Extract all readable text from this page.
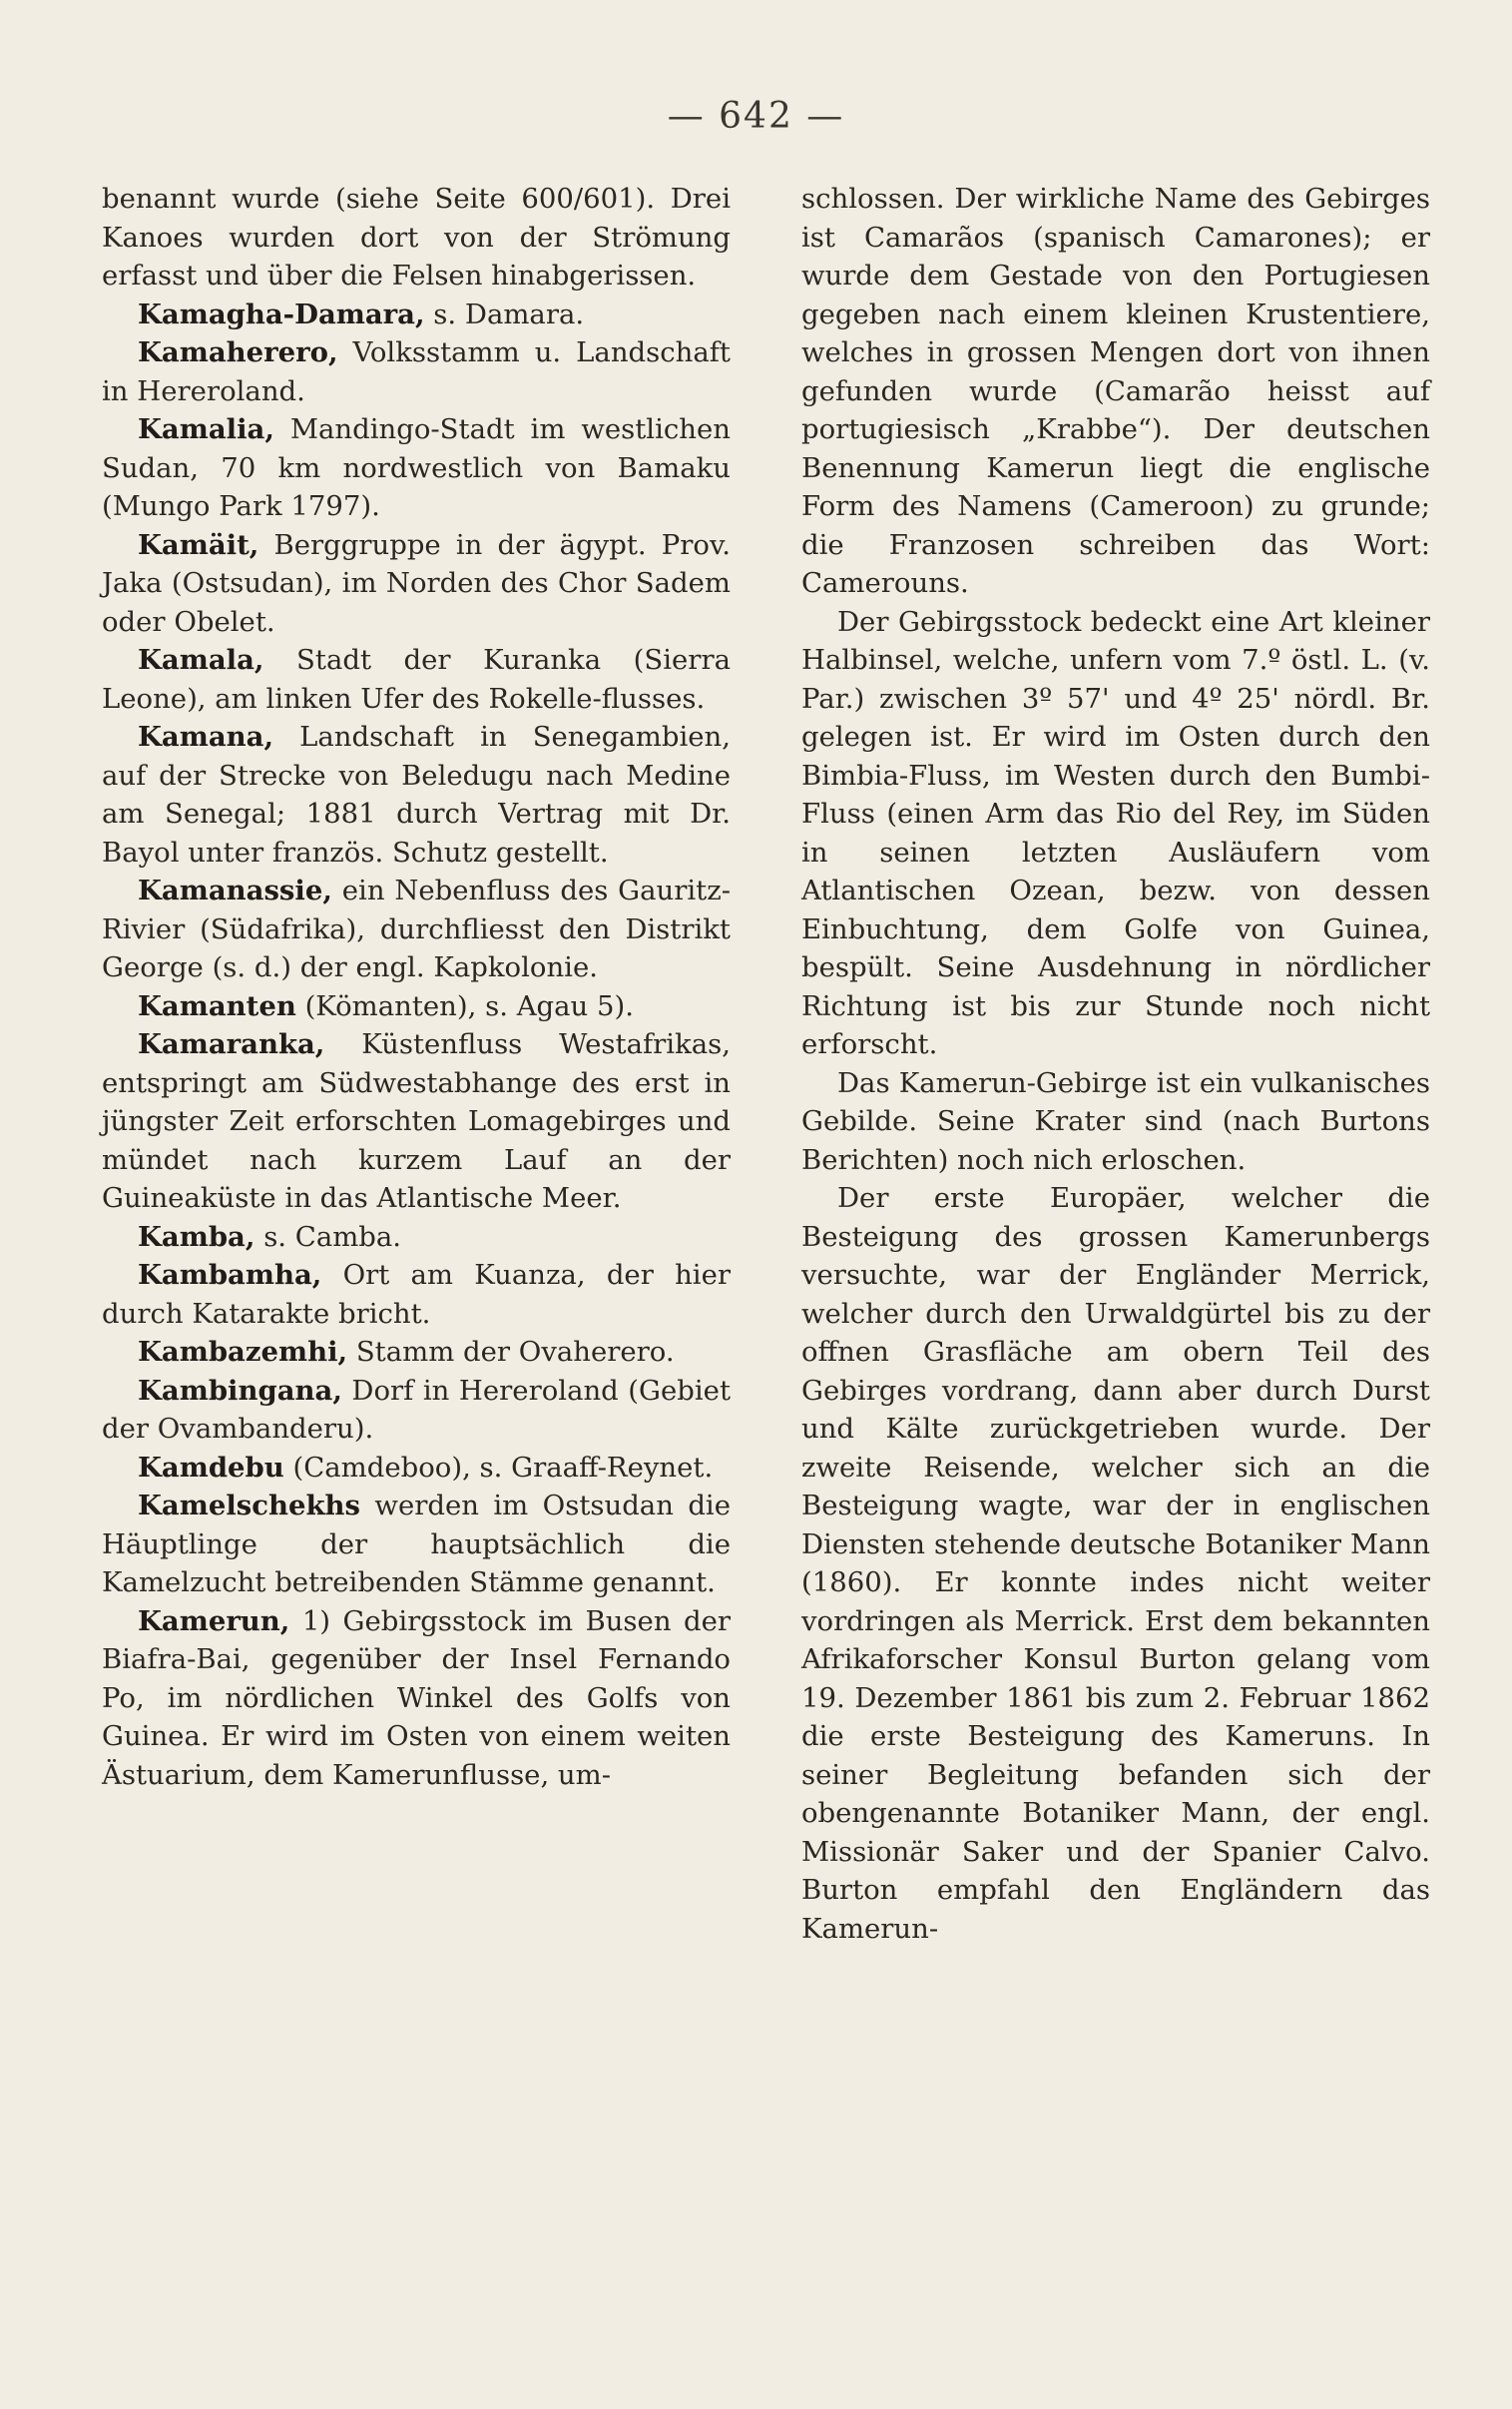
— 642 —

benannt wurde (siehe Seite 600/601). Drei Kanoes wurden dort von der Strömung erfasst und über die Felsen hinabgerissen.

Kamagha-Damara, s. Damara.

Kamaherero, Volksstamm u. Landschaft in Hereroland.

Kamalia, Mandingo-Stadt im westlichen Sudan, 70 km nordwestlich von Bamaku (Mungo Park 1797).

Kamäit, Berggruppe in der ägypt. Prov. Jaka (Ostsudan), im Norden des Chor Sadem oder Obelet.

Kamala, Stadt der Kuranka (Sierra Leone), am linken Ufer des Rokelle-flusses.

Kamana, Landschaft in Senegambien, auf der Strecke von Beledugu nach Medine am Senegal; 1881 durch Vertrag mit Dr. Bayol unter französ. Schutz gestellt.

Kamanassie, ein Nebenfluss des Gauritz-Rivier (Südafrika), durchfliesst den Distrikt George (s. d.) der engl. Kapkolonie.

Kamanten (Kömanten), s. Agau 5).

Kamaranka, Küstenfluss Westafrikas, entspringt am Südwestabhange des erst in jüngster Zeit erforschten Lomagebirges und mündet nach kurzem Lauf an der Guineaküste in das Atlantische Meer.

Kamba, s. Camba.

Kambamha, Ort am Kuanza, der hier durch Katarakte bricht.

Kambazemhi, Stamm der Ovaherero.

Kambingana, Dorf in Hereroland (Gebiet der Ovambanderu).

Kamdebu (Camdeboo), s. Graaff-Reynet.

Kamelschekhs werden im Ostsudan die Häuptlinge der hauptsächlich die Kamelzucht betreibenden Stämme genannt.

Kamerun, 1) Gebirgsstock im Busen der Biafra-Bai, gegenüber der Insel Fernando Po, im nördlichen Winkel des Golfs von Guinea. Er wird im Osten von einem weiten Ästuarium, dem Kamerunflusse, um-

schlossen. Der wirkliche Name des Gebirges ist Camarãos (spanisch Camarones); er wurde dem Gestade von den Portugiesen gegeben nach einem kleinen Krustentiere, welches in grossen Mengen dort von ihnen gefunden wurde (Camarão heisst auf portugiesisch „Krabbe“). Der deutschen Benennung Kamerun liegt die englische Form des Namens (Cameroon) zu grunde; die Franzosen schreiben das Wort: Camerouns.

Der Gebirgsstock bedeckt eine Art kleiner Halbinsel, welche, unfern vom 7.º östl. L. (v. Par.) zwischen 3º 57' und 4º 25' nördl. Br. gelegen ist. Er wird im Osten durch den Bimbia-Fluss, im Westen durch den Bumbi-Fluss (einen Arm das Rio del Rey, im Süden in seinen letzten Ausläufern vom Atlantischen Ozean, bezw. von dessen Einbuchtung, dem Golfe von Guinea, bespült. Seine Ausdehnung in nördlicher Richtung ist bis zur Stunde noch nicht erforscht.

Das Kamerun-Gebirge ist ein vulkanisches Gebilde. Seine Krater sind (nach Burtons Berichten) noch nich erloschen.

Der erste Europäer, welcher die Besteigung des grossen Kamerunbergs versuchte, war der Engländer Merrick, welcher durch den Urwaldgürtel bis zu der offnen Grasfläche am obern Teil des Gebirges vordrang, dann aber durch Durst und Kälte zurückgetrieben wurde. Der zweite Reisende, welcher sich an die Besteigung wagte, war der in englischen Diensten stehende deutsche Botaniker Mann (1860). Er konnte indes nicht weiter vordringen als Merrick. Erst dem bekannten Afrikaforscher Konsul Burton gelang vom 19. Dezember 1861 bis zum 2. Februar 1862 die erste Besteigung des Kameruns. In seiner Begleitung befanden sich der obengenannte Botaniker Mann, der engl. Missionär Saker und der Spanier Calvo. Burton empfahl den Engländern das Kamerun-
